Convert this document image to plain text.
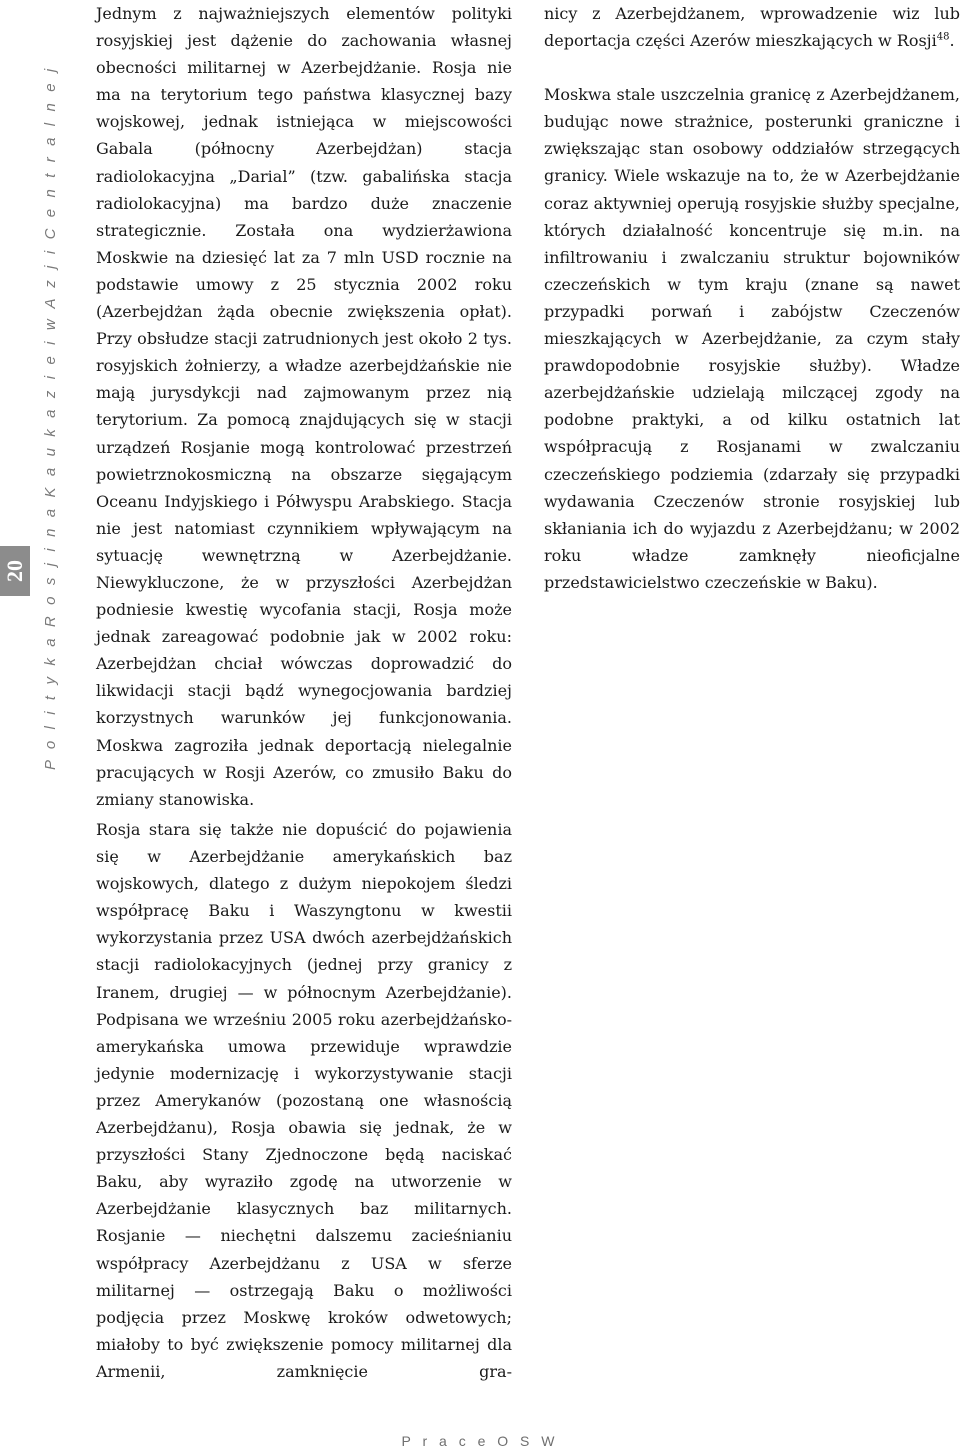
P o l i t y k a R o s j i n a K a u k a z i e i w A z j i C e n t r a l n e j
20

Jednym z najważniejszych elementów polityki rosyjskiej jest dążenie do zachowania własnej obecności militarnej w Azerbejdżanie. Rosja nie ma na terytorium tego państwa klasycznej bazy wojskowej, jednak istniejąca w miejscowości Gabala (północny Azerbejdżan) stacja radiolokacyjna „Darial” (tzw. gabalińska stacja radiolokacyjna) ma bardzo duże znaczenie strategicznie. Została ona wydzierżawiona Moskwie na dziesięć lat za 7 mln USD rocznie na podstawie umowy z 25 stycznia 2002 roku (Azerbejdżan żąda obecnie zwiększenia opłat). Przy obsłudze stacji zatrudnionych jest około 2 tys. rosyjskich żołnierzy, a władze azerbejdżańskie nie mają jurysdykcji nad zajmowanym przez nią terytorium. Za pomocą znajdujących się w stacji urządzeń Rosjanie mogą kontrolować przestrzeń powietrznokosmiczną na obszarze sięgającym Oceanu Indyjskiego i Półwyspu Arabskiego. Stacja nie jest natomiast czynnikiem wpływającym na sytuację wewnętrzną w Azerbejdżanie. Niewykluczone, że w przyszłości Azerbejdżan podniesie kwestię wycofania stacji, Rosja może jednak zareagować podobnie jak w 2002 roku: Azerbejdżan chciał wówczas doprowadzić do likwidacji stacji bądź wynegocjowania bardziej korzystnych warunków jej funkcjonowania. Moskwa zagroziła jednak deportacją nielegalnie pracujących w Rosji Azerów, co zmusiło Baku do zmiany stanowiska.

Rosja stara się także nie dopuścić do pojawienia się w Azerbejdżanie amerykańskich baz wojskowych, dlatego z dużym niepokojem śledzi współpracę Baku i Waszyngtonu w kwestii wykorzystania przez USA dwóch azerbejdżańskich stacji radiolokacyjnych (jednej przy granicy z Iranem, drugiej — w północnym Azerbejdżanie). Podpisana we wrześniu 2005 roku azerbejdżańsko-amerykańska umowa przewiduje wprawdzie jedynie modernizację i wykorzystywanie stacji przez Amerykanów (pozostaną one własnością Azerbejdżanu), Rosja obawia się jednak, że w przyszłości Stany Zjednoczone będą naciskać Baku, aby wyraziło zgodę na utworzenie w Azerbejdżanie klasycznych baz militarnych. Rosjanie — niechętni dalszemu zacieśnianiu współpracy Azerbejdżanu z USA w sferze militarnej — ostrzegają Baku o możliwości podjęcia przez Moskwę kroków odwetowych; miałoby to być zwiększenie pomocy militarnej dla Armenii, zamknięcie gra-

nicy z Azerbejdżanem, wprowadzenie wiz lub deportacja części Azerów mieszkających w Rosji$^{48}$.

Moskwa stale uszczelnia granicę z Azerbejdżanem, budując nowe strażnice, posterunki graniczne i zwiększając stan osobowy oddziałów strzegących granicy. Wiele wskazuje na to, że w Azerbejdżanie coraz aktywniej operują rosyjskie służby specjalne, których działalność koncentruje się m.in. na infiltrowaniu i zwalczaniu struktur bojowników czeczeńskich w tym kraju (znane są nawet przypadki porwań i zabójstw Czeczenów mieszkających w Azerbejdżanie, za czym stały prawdopodobnie rosyjskie służby). Władze azerbejdżańskie udzielają milczącej zgody na podobne praktyki, a od kilku ostatnich lat współpracują z Rosjanami w zwalczaniu czeczeńskiego podziemia (zdarzały się przypadki wydawania Czeczenów stronie rosyjskiej lub skłaniania ich do wyjazdu z Azerbejdżanu; w 2002 roku władze zamknęły nieoficjalne przedstawicielstwo czeczeńskie w Baku).

P r a c e O S W
